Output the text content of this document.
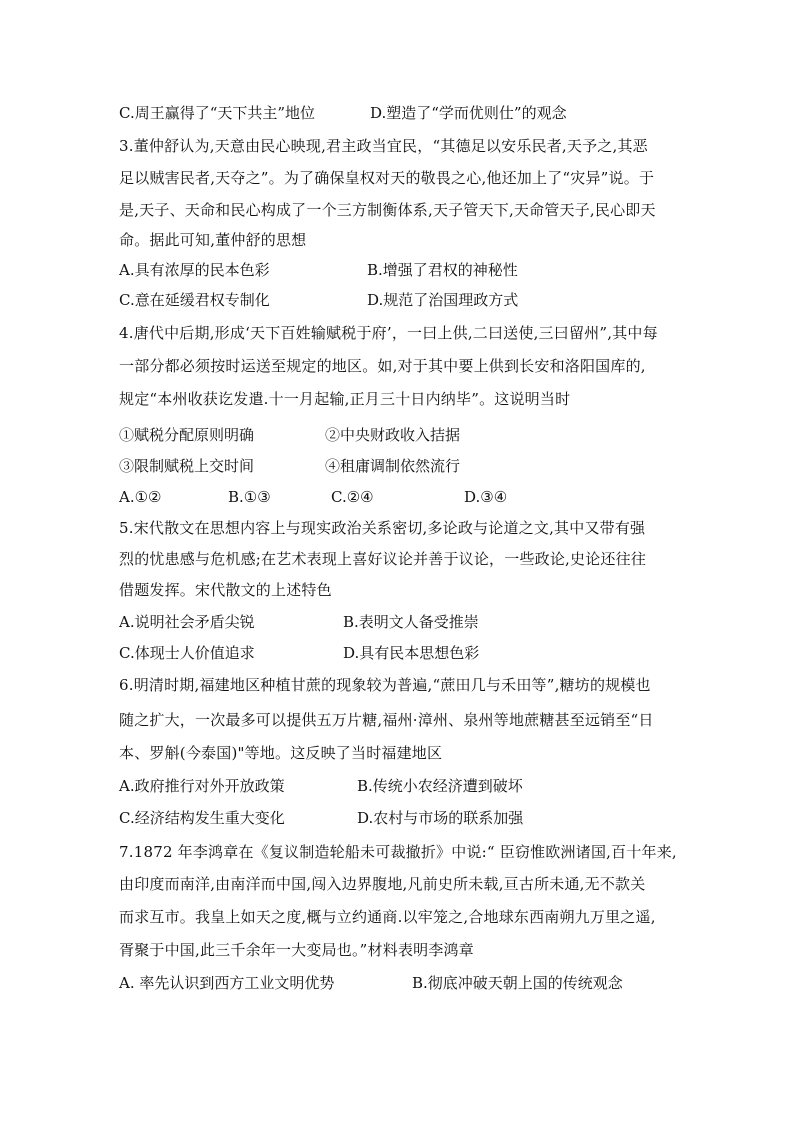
C.周王赢得了“天下共主”地位	D.塑造了“学而优则仕”的观念
3.董仲舒认为,天意由民心映现,君主政当宜民，“其德足以安乐民者,天予之,其恶
足以贼害民者,天夺之”。为了确保皇权对天的敬畏之心,他还加上了“灾异”说。于
是,天子、天命和民心构成了一个三方制衡体系,天子管天下,天命管天子,民心即天
命。据此可知,董仲舒的思想
A.具有浓厚的民本色彩	B.增强了君权的神秘性
C.意在延缓君权专制化	D.规范了治国理政方式
4.唐代中后期,形成‘天下百姓输赋税于府’，一曰上供,二曰送使,三曰留州”,其中每
一部分都必须按时运送至规定的地区。如,对于其中要上供到长安和洛阳国库的,
规定“本州收获讫发遣.十一月起输,正月三十日内纳毕”。这说明当时
①赋税分配原则明确	②中央财政收入拮据
③限制赋税上交时间	④租庸调制依然流行
A.①②	B.①③	C.②④	D.③④
5.宋代散文在思想内容上与现实政治关系密切,多论政与论道之文,其中又带有强
烈的忧患感与危机感;在艺术表现上喜好议论并善于议论，一些政论,史论还往往
借题发挥。宋代散文的上述特色
A.说明社会矛盾尖锐	B.表明文人备受推崇
C.体现士人价值追求	D.具有民本思想色彩
6.明清时期,福建地区种植甘蔗的现象较为普遍,“蔗田几与禾田等”,糖坊的规模也
随之扩大，一次最多可以提供五万片糖,福州·漳州、泉州等地蔗糖甚至远销至“日
本、罗斛(今泰国)"等地。这反映了当时福建地区
A.政府推行对外开放政策	B.传统小农经济遭到破坏
C.经济结构发生重大变化	D.农村与市场的联系加强
7.1872 年李鸿章在《复议制造轮船未可裁撤折》中说:“ 臣窃惟欧洲诸国,百十年来,
由印度而南洋,由南洋而中国,闯入边界腹地,凡前史所未载,亘古所未通,无不款关
而求互市。我皇上如天之度,概与立约通商.以牢笼之,合地球东西南朔九万里之遥,
胥聚于中国,此三千余年一大变局也。”材料表明李鸿章
A. 率先认识到西方工业文明优势	B.彻底冲破天朝上国的传统观念
